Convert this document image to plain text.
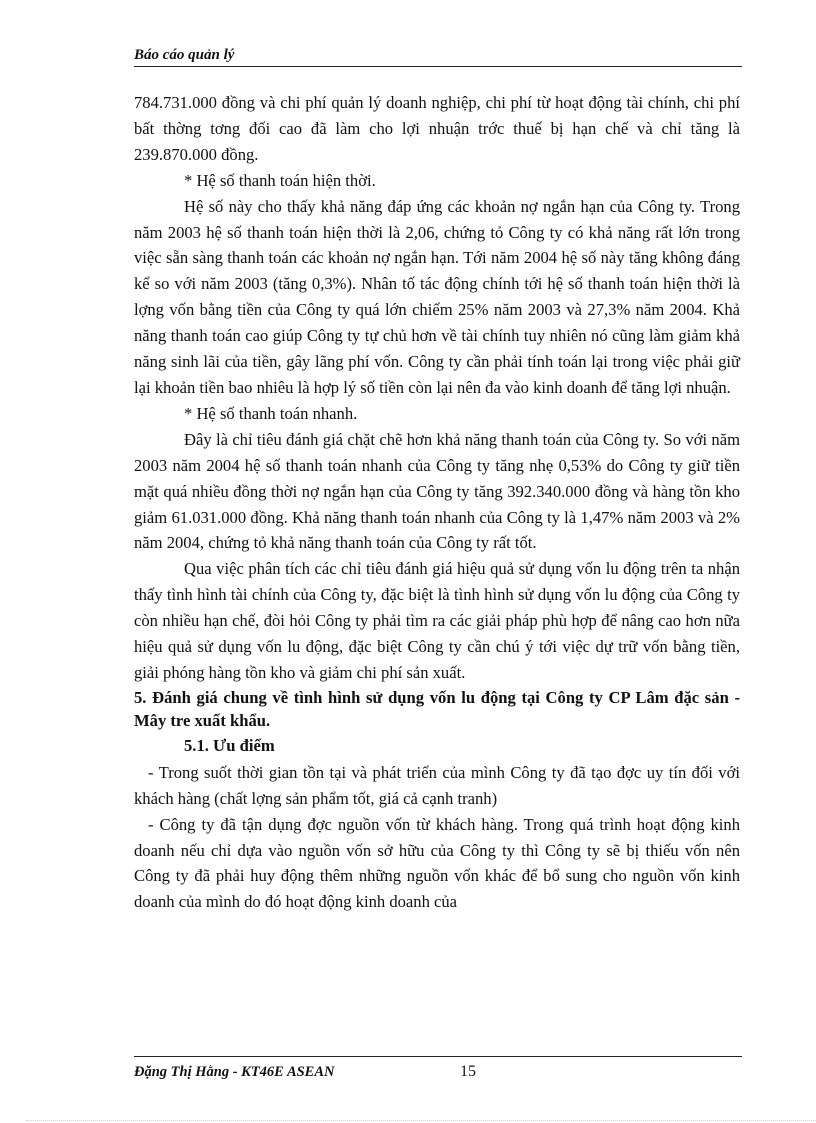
Báo cáo quản lý

784.731.000 đồng và chi phí quản lý doanh nghiệp, chi phí từ hoạt động tài chính, chi phí bất thờng tơng đối cao đã làm cho lợi nhuận trớc thuế bị hạn chế và chỉ tăng là 239.870.000 đồng.

* Hệ số thanh toán hiện thời.

Hệ số này cho thấy khả năng đáp ứng các khoản nợ ngắn hạn của Công ty. Trong năm 2003 hệ số thanh toán hiện thời là 2,06, chứng tỏ Công ty có khả năng rất lớn trong việc sẵn sàng thanh toán các khoản nợ ngắn hạn. Tới năm 2004 hệ số này tăng không đáng kể so với năm 2003 (tăng 0,3%). Nhân tố tác động chính tới hệ số thanh toán hiện thời là lợng vốn bằng tiền của Công ty quá lớn chiếm 25% năm 2003 và 27,3% năm 2004. Khả năng thanh toán cao giúp Công ty tự chủ hơn về tài chính tuy nhiên nó cũng làm giảm khả năng sinh lãi của tiền, gây lãng phí vốn. Công ty cần phải tính toán lại trong việc phải giữ lại khoản tiền bao nhiêu là hợp lý số tiền còn lại nên đa vào kinh doanh để tăng lợi nhuận.

* Hệ số thanh toán nhanh.

Đây là chỉ tiêu đánh giá chặt chẽ hơn khả năng thanh toán của Công ty. So với năm 2003 năm 2004 hệ số thanh toán nhanh của Công ty tăng nhẹ 0,53% do Công ty giữ tiền mặt quá nhiều đồng thời nợ ngắn hạn của Công ty tăng 392.340.000 đồng và hàng tồn kho giảm 61.031.000 đồng. Khả năng thanh toán nhanh của Công ty là 1,47% năm 2003 và 2% năm 2004, chứng tỏ khả năng thanh toán của Công ty rất tốt.

Qua việc phân tích các chỉ tiêu đánh giá hiệu quả sử dụng vốn lu động trên ta nhận thấy tình hình tài chính của Công ty, đặc biệt là tình hình sử dụng vốn lu động của Công ty còn nhiều hạn chế, đòi hỏi Công ty phải tìm ra các giải pháp phù hợp để nâng cao hơn nữa hiệu quả sử dụng vốn lu động, đặc biệt Công ty cần chú ý tới việc dự trữ vốn bằng tiền, giải phóng hàng tồn kho và giảm chi phí sản xuất.

5. Đánh giá chung về tình hình sử dụng vốn lu động tại Công ty CP Lâm đặc sản - Mây tre xuất khẩu.

5.1. Ưu điểm

- Trong suốt thời gian tồn tại và phát triển của mình Công ty đã tạo đợc uy tín đối với khách hàng (chất lợng sản phẩm tốt, giá cả cạnh tranh)

- Công ty đã tận dụng đợc nguồn vốn từ khách hàng. Trong quá trình hoạt động kinh doanh nếu chỉ dựa vào nguồn vốn sở hữu của Công ty thì Công ty sẽ bị thiếu vốn nên Công ty đã phải huy động thêm những nguồn vốn khác để bổ sung cho nguồn vốn kinh doanh của mình do đó hoạt động kinh doanh của

Đặng Thị Hằng - KT46E ASEAN	15
